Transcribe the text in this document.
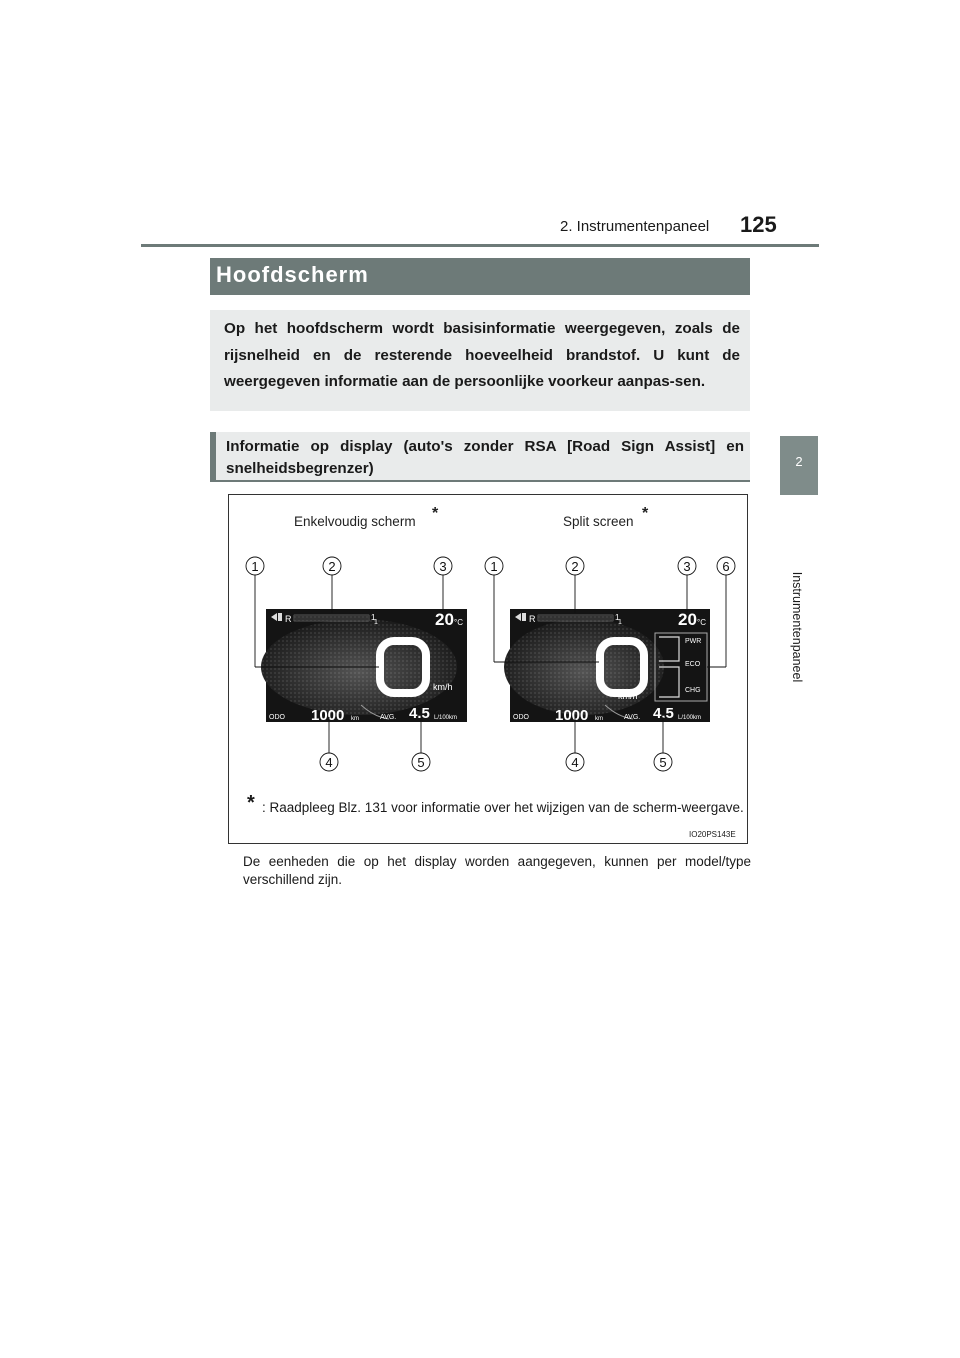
2. Instrumentenpaneel 125
2
Instrumentenpaneel
Hoofdscherm
Op het hoofdscherm wordt basisinformatie weergegeven, zoals de rijsnelheid en de resterende hoeveelheid brandstof. U kunt de weergegeven informatie aan de persoonlijke voorkeur aanpas-sen.
Informatie op display (auto's zonder RSA [Road Sign Assist] en snelheidsbegrenzer)
Enkelvoudig scherm *	Split screen *
R	1
1	20 °C
km/h
ODO 1000 km	AVG. 4.5 L/100km
1	2	3
4	5
R	1
1	20 °C
km/h
PWR
ECO
CHG
ODO 1000 km	AVG. 4.5 L/100km
1	2	3 6
4	5
* : Raadpleeg Blz. 131 voor informatie over het wijzigen van de scherm-weergave.
IO20PS143E
De eenheden die op het display worden aangegeven, kunnen per model/type verschillend zijn.
